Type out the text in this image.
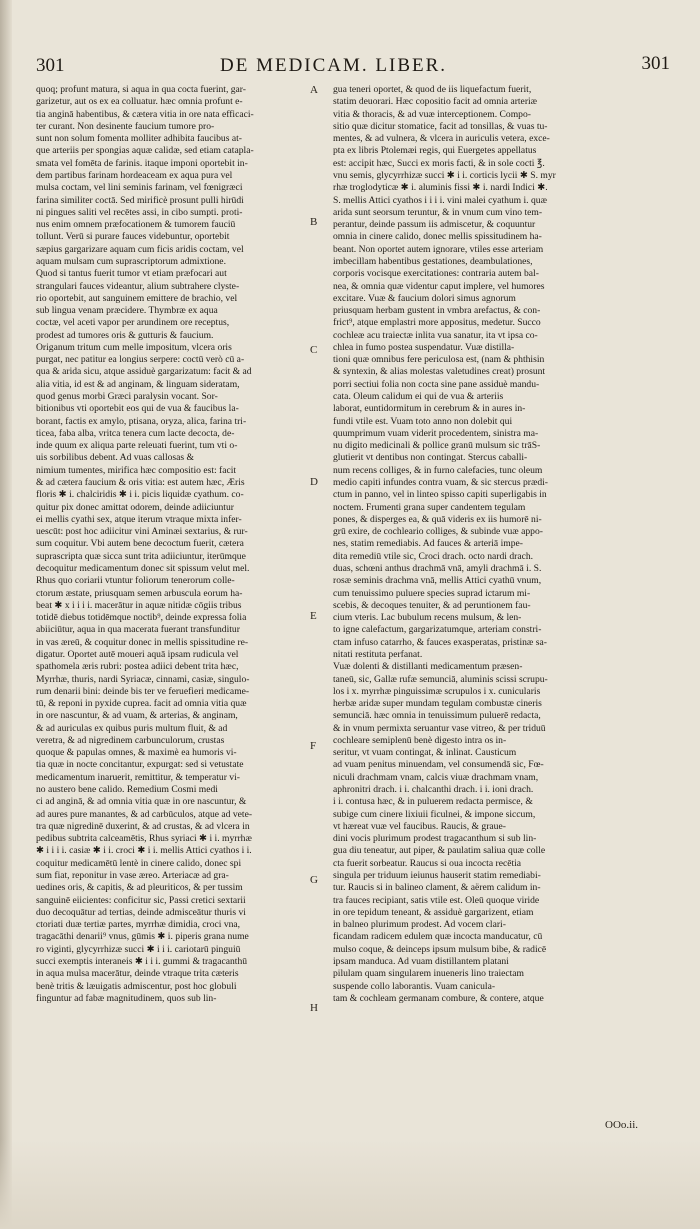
301	DE MEDICAM. LIBER.	301
quoq; profunt matura, si aqua in qua cocta fuerint, gar-
garizetur, aut os ex ea colluatur. hæc omnia profunt e-
tia anginā habentibus, & cætera vitia in ore nata efficaci-
ter curant. Non desinente faucium tumore pro-
sunt non solum fomenta molliter adhibita faucibus at-
que arteriis per spongias aquæ calidæ, sed etiam catapla-
smata vel fomēta de farinis. itaque imponi oportebit in-
dem partibus farinam hordeaceam ex aqua pura vel
mulsa coctam, vel lini seminis farinam, vel fœnigræci
farina similiter coctā. Sed mirificè prosunt pulli hirūdi
ni pingues saliti vel recētes assi, in cibo sumpti. proti-
nus enim omnem præfocationem & tumorem fauciū
tollunt. Verū si purare fauces videbuntur, oportebit
sæpius gargarizare aquam cum ficis aridis coctam, vel
aquam mulsam cum suprascriptorum admixtione.
Quod si tantus fuerit tumor vt etiam præfocari aut
strangulari fauces videantur, alium subtrahere clyste-
rio oportebit, aut sanguinem emittere de brachio, vel
sub lingua venam præcidere. Thymbræ ex aqua
coctæ, vel aceti vapor per arundinem ore receptus,
prodest ad tumores oris & gutturis & faucium.
Origanum tritum cum melle impositum, vlcera oris
purgat, nec patitur ea longius serpere: coctū verò cū a-
qua & arida sicu, atque assiduè gargarizatum: facit & ad
alia vitia, id est & ad anginam, & linguam sideratam,
quod genus morbi Græci paralysin vocant. Sor-
bitionibus vti oportebit eos qui de vua & faucibus la-
borant, factis ex amylo, ptisana, oryza, alica, farina tri-
ticea, faba alba, vritca tenera cum lacte decocta, de-
inde quum ex aliqua parte releuati fuerint, tum vti o-
uis sorbilibus debent. Ad vuas callosas &
nimium tumentes, mirifica hæc compositio est: facit
& ad cætera faucium & oris vitia: est autem hæc, Æris
floris ✱ i. chalciridis ✱ i i. picis liquidæ cyathum. co-
quitur pix donec amittat odorem, deinde adiiciuntur
ei mellis cyathi sex, atque iterum vtraque mixta infer-
uescūt: post hoc adiicitur vini Aminæi sextarius, & rur-
sum coquitur. Vbi autem bene decoctum fuerit, cætera
suprascripta quæ sicca sunt trita adiiciuntur, iterūmque
decoquitur medicamentum donec sit spissum velut mel.
Rhus quo coriarii vtuntur foliorum tenerorum colle-
ctorum æstate, priusquam semen arbuscula eorum ha-
beat ✱ x i i i i. macerātur in aquæ nitidæ cōgiis tribus
totidē diebus totidēmque noctib⁹, deinde expressa folia
abiiciūtur, aqua in qua macerata fuerant transfunditur
in vas æreū, & coquitur donec in mellis spissitudine re-
digatur. Oportet autē moueri aquā ipsam rudicula vel
spathomela æris rubri: postea adiici debent trita hæc,
Myrrhæ, thuris, nardi Syriacæ, cinnami, casiæ, singulo-
rum denarii bini: deinde bis ter ve feruefieri medicame-
tū, & reponi in pyxide cuprea. facit ad omnia vitia quæ
in ore nascuntur, & ad vuam, & arterias, & anginam,
& ad auriculas ex quibus puris multum fluit, & ad
veretra, & ad nigredinem carbunculorum, crustas
quoque & papulas omnes, & maximè ea humoris vi-
tia quæ in nocte concitantur, expurgat: sed si vetustate
medicamentum inaruerit, remittitur, & temperatur vi-
no austero bene calido. Remedium Cosmi medi
ci ad anginā, & ad omnia vitia quæ in ore nascuntur, &
ad aures pure manantes, & ad carbūculos, atque ad vete-
tra quæ nigredinē duxerint, & ad crustas, & ad vlcera in
pedibus subtrita calceamētis, Rhus syriaci ✱ i i. myrrhæ
✱ i i i i. casiæ ✱ i i. croci ✱ i i. mellis Attici cyathos i i.
coquitur medicamētū lentè in cinere calido, donec spi
sum fiat, reponitur in vase æreo. Arteriacæ ad gra-
uedines oris, & capitis, & ad pleuriticos, & per tussim
sanguinē eiicientes: conficitur sic, Passi cretici sextarii
duo decoquātur ad tertias, deinde admisceātur thuris vi
ctoriati duæ tertiæ partes, myrrhæ dimidia, croci vna,
tragacāthi denarii⁹ vnus, gūmis ✱ i. piperis grana nume
ro viginti, glycyrrhizæ succi ✱ i i i. cariotarū pinguiū
succi exemptis interaneis ✱ i i i. gummi & tragacanthū
in aqua mulsa macerātur, deinde vtraque trita cæteris
benè tritis & læuigatis admiscentur, post hoc globuli
finguntur ad fabæ magnitudinem, quos sub lin-
A
B
C
D
E
F
G
H
gua teneri oportet, & quod de iis liquefactum fuerit,
statim deuorari. Hæc copositio facit ad omnia arteriæ
vitia & thoracis, & ad vuæ interceptionem. Compo-
sitio quæ dicitur stomatice, facit ad tonsillas, & vuas tu-
mentes, & ad vulnera, & vlcera in auriculis vetera, exce-
pta ex libris Ptolemæi regis, qui Euergetes appellatus
est: accipit hæc, Succi ex moris facti, & in sole cocti ℥.
vnu semis, glycyrrhizæ succi ✱ i i. corticis lycii ✱ S. myr
rhæ troglodyticæ ✱ i. aluminis fissi ✱ i. nardi Indici ✱.
S. mellis Attici cyathos i i i i. vini malei cyathum i. quæ
arida sunt seorsum teruntur, & in vnum cum vino tem-
perantur, deinde passum iis admiscetur, & coquuntur
omnia in cinere calido, donec mellis spissitudinem ha-
beant. Non oportet autem ignorare, vtiles esse arteriam
imbecillam habentibus gestationes, deambulationes,
corporis vocisque exercitationes: contraria autem bal-
nea, & omnia quæ videntur caput implere, vel humores
excitare. Vuæ & faucium dolori simus agnorum
priusquam herbam gustent in vmbra arefactus, & con-
frict⁹, atque emplastri more appositus, medetur. Succo
cochleæ acu traiectæ inlita vua sanatur, ita vt ipsa co-
chlea in fumo postea suspendatur. Vuæ distilla-
tioni quæ omnibus fere periculosa est, (nam & phthisin
& syntexin, & alias molestas valetudines creat) prosunt
porri sectiui folia non cocta sine pane assiduè mandu-
cata. Oleum calidum ei qui de vua & arteriis
laborat, euntidormitum in cerebrum & in aures in-
fundi vtile est. Vuam toto anno non dolebit qui
quumprimum vuam viderit procedentem, sinistra ma-
nu digito medicinali & pollice granū mulsum sic trāS-
glutierit vt dentibus non contingat. Stercus caballi-
num recens colliges, & in furno calefacies, tunc oleum
medio capiti infundes contra vuam, & sic stercus prædi-
ctum in panno, vel in linteo spisso capiti superligabis in
noctem. Frumenti grana super candentem tegulam
pones, & disperges ea, & quā videris ex iis humorē ni-
grū exire, de cochleario colliges, & subinde vuæ appo-
nes, statim remediabis. Ad fauces & arteriā impe-
dita remediū vtile sic, Croci drach. octo nardi drach.
duas, schœni anthus drachmā vnā, amyli drachmā i. S.
rosæ seminis drachma vnā, mellis Attici cyathū vnum,
cum tenuissimo puluere species suprad ictarum mi-
scebis, & decoques tenuiter, & ad peruntionem fau-
cium vteris. Lac bubulum recens mulsum, & len-
to igne calefactum, gargarizatumque, arteriam constri-
ctam infuso catarrho, & fauces exasperatas, pristinæ sa-
nitati restituta perfanat.
Vuæ dolenti & distillanti medicamentum præsen-
taneū, sic, Gallæ rufæ semunciā, aluminis scissi scrupu-
los i x. myrrhæ pinguissimæ scrupulos i x. cunicularis
herbæ aridæ super mundam tegulam combustæ cineris
semunciā. hæc omnia in tenuissimum puluerē redacta,
& in vnum permixta seruantur vase vitreo, & per triduū
cochleare semiplenū benè digesto intra os in-
seritur, vt vuam contingat, & inlinat. Causticum
ad vuam penitus minuendam, vel consumendā sic, Fœ-
niculi drachmam vnam, calcis viuæ drachmam vnam,
aphronitri drach. i i. chalcanthi drach. i i. ioni drach.
i i. contusa hæc, & in puluerem redacta permisce, &
subige cum cinere lixiuii ficulnei, & impone siccum,
vt hæreat vuæ vel faucibus. Raucis, & graue-
dini vocis plurimum prodest tragacanthum si sub lin-
gua diu teneatur, aut piper, & paulatim saliua quæ colle
cta fuerit sorbeatur. Raucus si oua incocta recētia
singula per triduum ieiunus hauserit statim remediabi-
tur. Raucis si in balineo clament, & aërem calidum in-
tra fauces recipiant, satis vtile est. Oleū quoque viride
in ore tepidum teneant, & assiduè gargarizent, etiam
in balneo plurimum prodest. Ad vocem clari-
ficandam radicem edulem quæ incocta manducatur, cū
mulso coque, & deinceps ipsum mulsum bibe, & radicē
ipsam manduca. Ad vuam distillantem platani
pilulam quam singularem inueneris lino traiectam
suspende collo laborantis. Vuam canicula-
tam & cochleam germanam combure, & contere, atque
OOo.ii.
